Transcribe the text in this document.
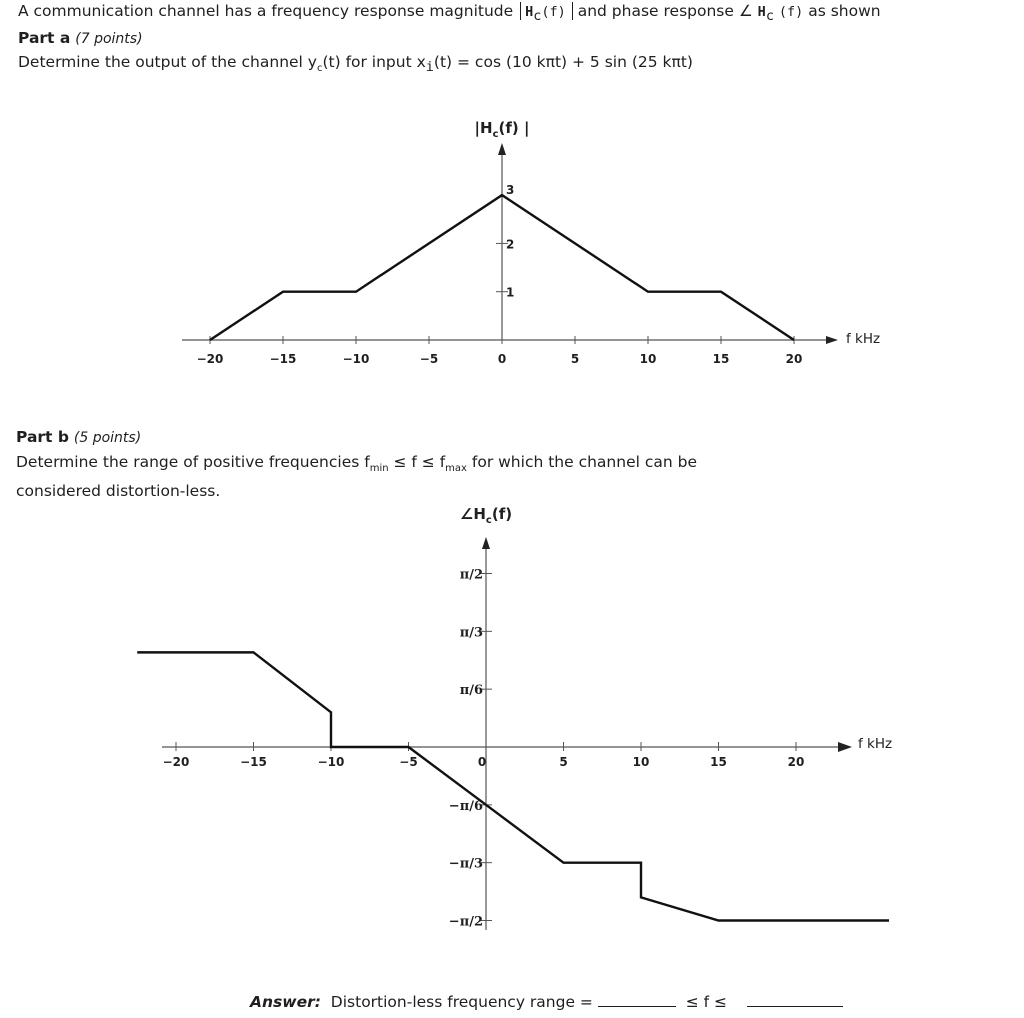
A communication channel has a frequency response magnitude $H_c(f)$ and phase response ∠ $H_c$ (f) as shown
Part a (7 points)
Determine the output of the channel $y_c(t)$ for input $x_i(t) = \cos (10$ kπt) + 5 sin (25 kπt)
−20	−15	−10	−5	0	5	10	15	20
1
2
3
$|H_c(f)$ |
f kHz
Part b (5 points)
Determine the range of positive frequencies $f_{min} \le f \le f_{max}$ for which the channel can be
considered distortion-less.
−20	−15	−10	−5	0	5	10	15	20
π/2
π/3
π/6
−π/6
−π/3
−π/2
$\angle H_c(f)$
f kHz
Answer: Distortion-less frequency range =	≤ f ≤
